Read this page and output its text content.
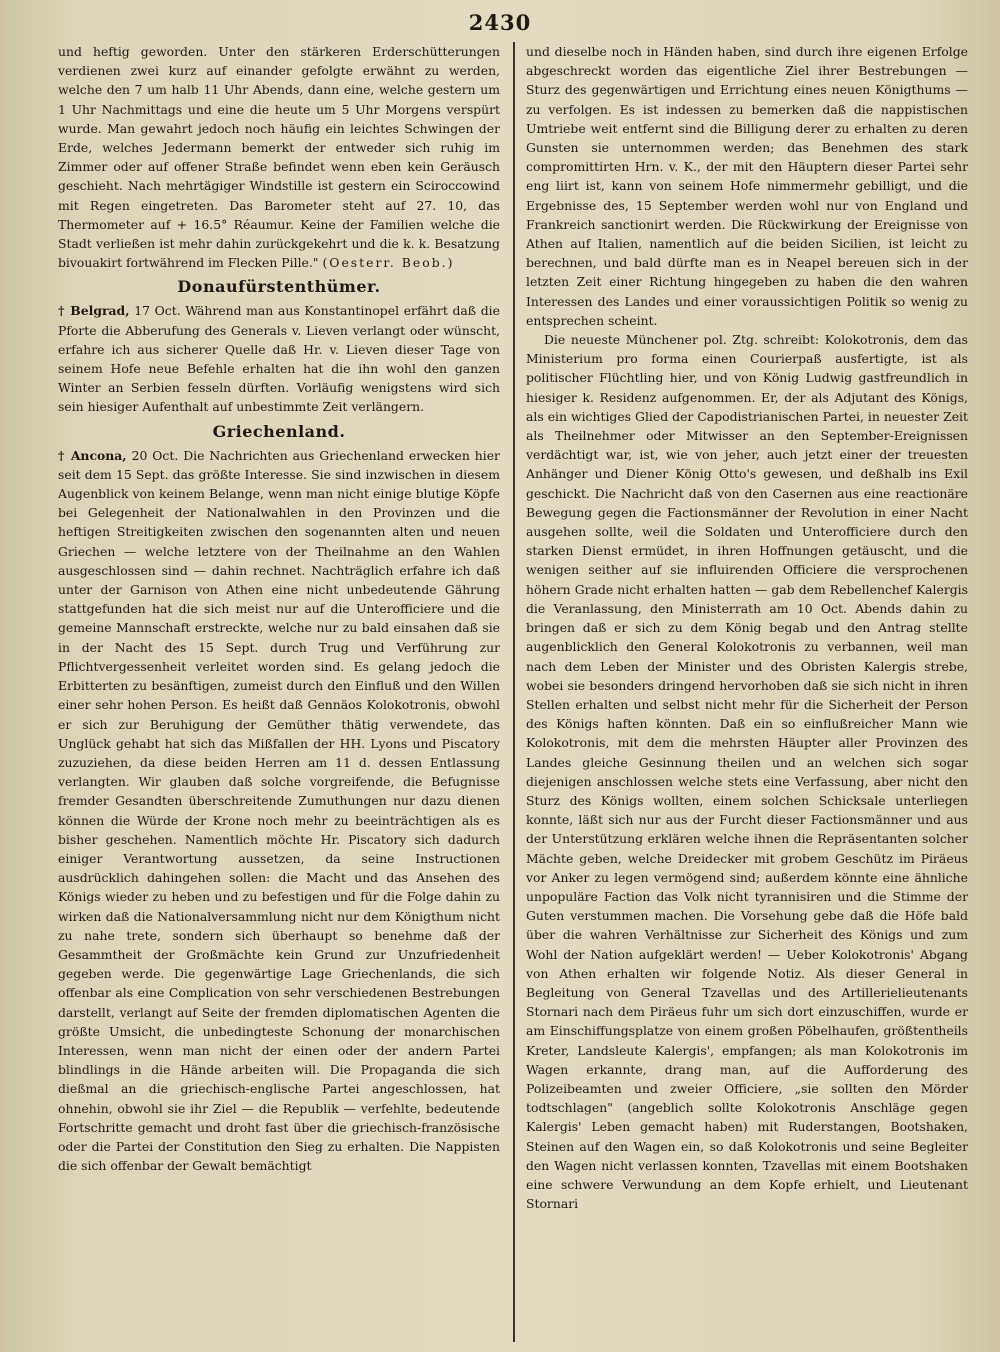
2430

und heftig geworden. Unter den stärkeren Erderschütterungen verdienen zwei kurz auf einander gefolgte erwähnt zu werden, welche den 7 um halb 11 Uhr Abends, dann eine, welche gestern um 1 Uhr Nachmittags und eine die heute um 5 Uhr Morgens verspürt wurde. Man gewahrt jedoch noch häufig ein leichtes Schwingen der Erde, welches Jedermann bemerkt der entweder sich ruhig im Zimmer oder auf offener Straße befindet wenn eben kein Geräusch geschieht. Nach mehrtägiger Windstille ist gestern ein Sciroccowind mit Regen eingetreten. Das Barometer steht auf 27. 10, das Thermometer auf + 16.5° Réaumur. Keine der Familien welche die Stadt verließen ist mehr dahin zurückgekehrt und die k. k. Besatzung bivouakirt fortwährend im Flecken Pille." (Oesterr. Beob.)

Donaufürstenthümer.

† Belgrad, 17 Oct. Während man aus Konstantinopel erfährt daß die Pforte die Abberufung des Generals v. Lieven verlangt oder wünscht, erfahre ich aus sicherer Quelle daß Hr. v. Lieven dieser Tage von seinem Hofe neue Befehle erhalten hat die ihn wohl den ganzen Winter an Serbien fesseln dürften. Vorläufig wenigstens wird sich sein hiesiger Aufenthalt auf unbestimmte Zeit verlängern.

Griechenland.

† Ancona, 20 Oct. Die Nachrichten aus Griechenland erwecken hier seit dem 15 Sept. das größte Interesse. Sie sind inzwischen in diesem Augenblick von keinem Belange, wenn man nicht einige blutige Köpfe bei Gelegenheit der Nationalwahlen in den Provinzen und die heftigen Streitigkeiten zwischen den sogenannten alten und neuen Griechen — welche letztere von der Theilnahme an den Wahlen ausgeschlossen sind — dahin rechnet. Nachträglich erfahre ich daß unter der Garnison von Athen eine nicht unbedeutende Gährung stattgefunden hat die sich meist nur auf die Unterofficiere und die gemeine Mannschaft erstreckte, welche nur zu bald einsahen daß sie in der Nacht des 15 Sept. durch Trug und Verführung zur Pflichtvergessenheit verleitet worden sind. Es gelang jedoch die Erbitterten zu besänftigen, zumeist durch den Einfluß und den Willen einer sehr hohen Person. Es heißt daß Gennäos Kolokotronis, obwohl er sich zur Beruhigung der Gemüther thätig verwendete, das Unglück gehabt hat sich das Mißfallen der HH. Lyons und Piscatory zuzuziehen, da diese beiden Herren am 11 d. dessen Entlassung verlangten. Wir glauben daß solche vorgreifende, die Befugnisse fremder Gesandten überschreitende Zumuthungen nur dazu dienen können die Würde der Krone noch mehr zu beeinträchtigen als es bisher geschehen. Namentlich möchte Hr. Piscatory sich dadurch einiger Verantwortung aussetzen, da seine Instructionen ausdrücklich dahingehen sollen: die Macht und das Ansehen des Königs wieder zu heben und zu befestigen und für die Folge dahin zu wirken daß die Nationalversammlung nicht nur dem Königthum nicht zu nahe trete, sondern sich überhaupt so benehme daß der Gesammtheit der Großmächte kein Grund zur Unzufriedenheit gegeben werde. Die gegenwärtige Lage Griechenlands, die sich offenbar als eine Complication von sehr verschiedenen Bestrebungen darstellt, verlangt auf Seite der fremden diplomatischen Agenten die größte Umsicht, die unbedingteste Schonung der monarchischen Interessen, wenn man nicht der einen oder der andern Partei blindlings in die Hände arbeiten will. Die Propaganda die sich dießmal an die griechisch-englische Partei angeschlossen, hat ohnehin, obwohl sie ihr Ziel — die Republik — verfehlte, bedeutende Fortschritte gemacht und droht fast über die griechisch-französische oder die Partei der Constitution den Sieg zu erhalten. Die Nappisten die sich offenbar der Gewalt bemächtigt

und dieselbe noch in Händen haben, sind durch ihre eigenen Erfolge abgeschreckt worden das eigentliche Ziel ihrer Bestrebungen — Sturz des gegenwärtigen und Errichtung eines neuen Königthums — zu verfolgen. Es ist indessen zu bemerken daß die nappistischen Umtriebe weit entfernt sind die Billigung derer zu erhalten zu deren Gunsten sie unternommen werden; das Benehmen des stark compromittirten Hrn. v. K., der mit den Häuptern dieser Partei sehr eng liirt ist, kann von seinem Hofe nimmermehr gebilligt, und die Ergebnisse des, 15 September werden wohl nur von England und Frankreich sanctionirt werden. Die Rückwirkung der Ereignisse von Athen auf Italien, namentlich auf die beiden Sicilien, ist leicht zu berechnen, und bald dürfte man es in Neapel bereuen sich in der letzten Zeit einer Richtung hingegeben zu haben die den wahren Interessen des Landes und einer voraussichtigen Politik so wenig zu entsprechen scheint.

Die neueste Münchener pol. Ztg. schreibt: Kolokotronis, dem das Ministerium pro forma einen Courierpaß ausfertigte, ist als politischer Flüchtling hier, und von König Ludwig gastfreundlich in hiesiger k. Residenz aufgenommen. Er, der als Adjutant des Königs, als ein wichtiges Glied der Capodistrianischen Partei, in neuester Zeit als Theilnehmer oder Mitwisser an den September-Ereignissen verdächtigt war, ist, wie von jeher, auch jetzt einer der treuesten Anhänger und Diener König Otto's gewesen, und deßhalb ins Exil geschickt. Die Nachricht daß von den Casernen aus eine reactionäre Bewegung gegen die Factionsmänner der Revolution in einer Nacht ausgehen sollte, weil die Soldaten und Unterofficiere durch den starken Dienst ermüdet, in ihren Hoffnungen getäuscht, und die wenigen seither auf sie influirenden Officiere die versprochenen höhern Grade nicht erhalten hatten — gab dem Rebellenchef Kalergis die Veranlassung, den Ministerrath am 10 Oct. Abends dahin zu bringen daß er sich zu dem König begab und den Antrag stellte augenblicklich den General Kolokotronis zu verbannen, weil man nach dem Leben der Minister und des Obristen Kalergis strebe, wobei sie besonders dringend hervorhoben daß sie sich nicht in ihren Stellen erhalten und selbst nicht mehr für die Sicherheit der Person des Königs haften könnten. Daß ein so einflußreicher Mann wie Kolokotronis, mit dem die mehrsten Häupter aller Provinzen des Landes gleiche Gesinnung theilen und an welchen sich sogar diejenigen anschlossen welche stets eine Verfassung, aber nicht den Sturz des Königs wollten, einem solchen Schicksale unterliegen konnte, läßt sich nur aus der Furcht dieser Factionsmänner und aus der Unterstützung erklären welche ihnen die Repräsentanten solcher Mächte geben, welche Dreidecker mit grobem Geschütz im Piräeus vor Anker zu legen vermögend sind; außerdem könnte eine ähnliche unpopuläre Faction das Volk nicht tyrannisiren und die Stimme der Guten verstummen machen. Die Vorsehung gebe daß die Höfe bald über die wahren Verhältnisse zur Sicherheit des Königs und zum Wohl der Nation aufgeklärt werden! — Ueber Kolokotronis' Abgang von Athen erhalten wir folgende Notiz. Als dieser General in Begleitung von General Tzavellas und des Artillerielieutenants Stornari nach dem Piräeus fuhr um sich dort einzuschiffen, wurde er am Einschiffungsplatze von einem großen Pöbelhaufen, größtentheils Kreter, Landsleute Kalergis', empfangen; als man Kolokotronis im Wagen erkannte, drang man, auf die Aufforderung des Polizeibeamten und zweier Officiere, „sie sollten den Mörder todtschlagen" (angeblich sollte Kolokotronis Anschläge gegen Kalergis' Leben gemacht haben) mit Ruderstangen, Bootshaken, Steinen auf den Wagen ein, so daß Kolokotronis und seine Begleiter den Wagen nicht verlassen konnten, Tzavellas mit einem Bootshaken eine schwere Verwundung an dem Kopfe erhielt, und Lieutenant Stornari
